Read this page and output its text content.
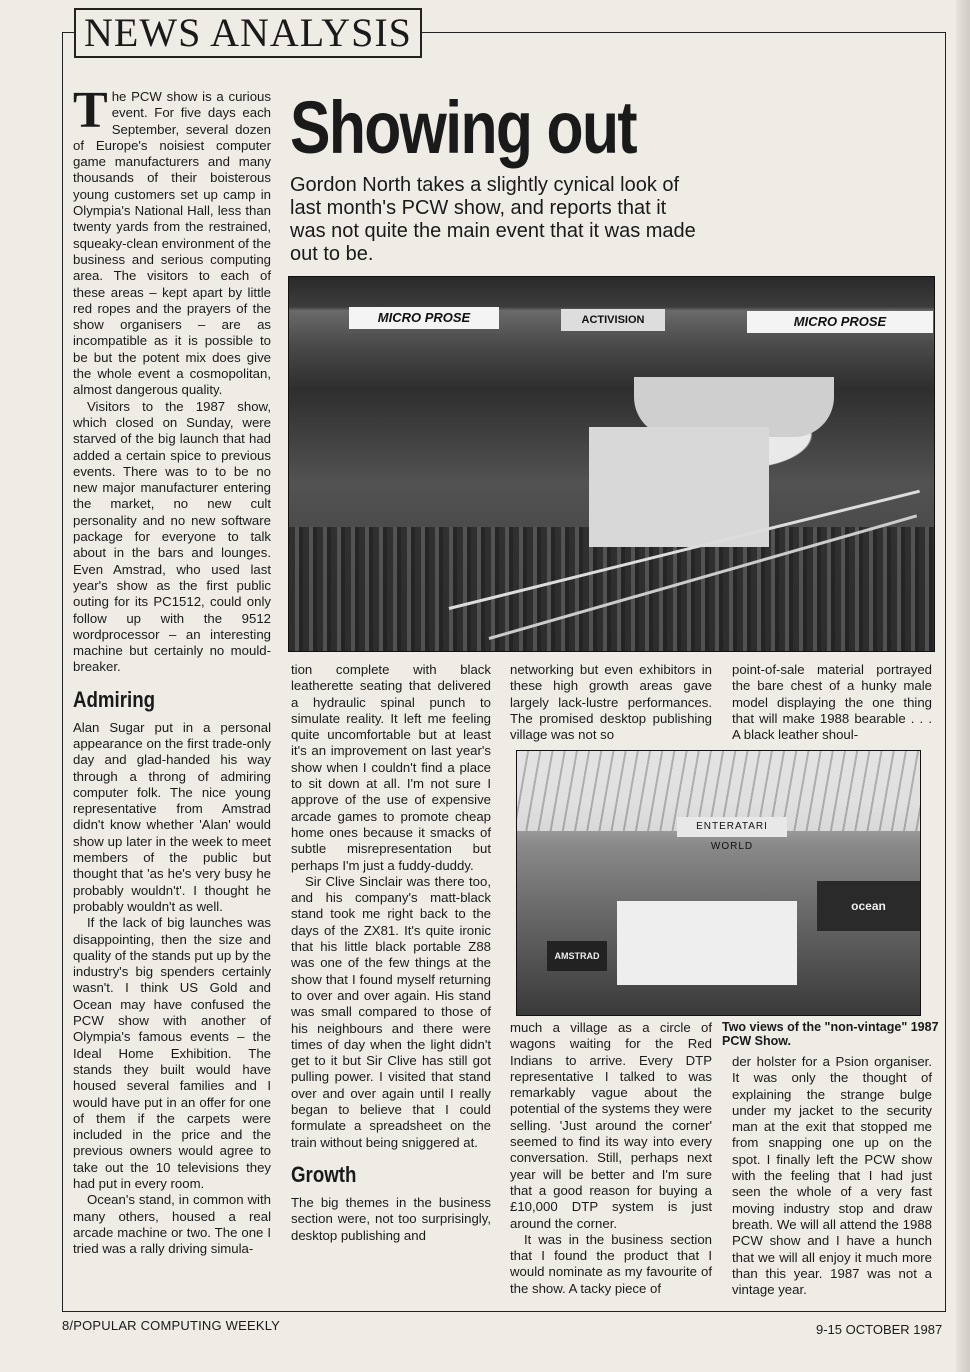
NEWS ANALYSIS
Showing out
Gordon North takes a slightly cynical look of last month's PCW show, and reports that it was not quite the main event that it was made out to be.
T he PCW show is a curious event. For five days each September, several dozen of Europe's noisiest computer game manufacturers and many thousands of their boisterous young customers set up camp in Olympia's National Hall, less than twenty yards from the restrained, squeaky-clean environment of the business and serious computing area. The visitors to each of these areas – kept apart by little red ropes and the prayers of the show organisers – are as incompatible as it is possible to be but the potent mix does give the whole event a cosmopolitan, almost dangerous quality.

Visitors to the 1987 show, which closed on Sunday, were starved of the big launch that had added a certain spice to previous events. There was to to be no new major manufacturer entering the market, no new cult personality and no new software package for everyone to talk about in the bars and lounges. Even Amstrad, who used last year's show as the first public outing for its PC1512, could only follow up with the 9512 wordprocessor – an interesting machine but certainly no mould-breaker.

Admiring

Alan Sugar put in a personal appearance on the first trade-only day and glad-handed his way through a throng of admiring computer folk. The nice young representative from Amstrad didn't know whether 'Alan' would show up later in the week to meet members of the public but thought that 'as he's very busy he probably wouldn't'. I thought he probably wouldn't as well.

If the lack of big launches was disappointing, then the size and quality of the stands put up by the industry's big spenders certainly wasn't. I think US Gold and Ocean may have confused the PCW show with another of Olympia's famous events – the Ideal Home Exhibition. The stands they built would have housed several families and I would have put in an offer for one of them if the carpets were included in the price and the previous owners would agree to take out the 10 televisions they had put in every room.

Ocean's stand, in common with many others, housed a real arcade machine or two. The one I tried was a rally driving simula-

MICRO PROSE	ACTIVISION	MICRO PROSE

tion complete with black leatherette seating that delivered a hydraulic spinal punch to simulate reality. It left me feeling quite uncomfortable but at least it's an improvement on last year's show when I couldn't find a place to sit down at all. I'm not sure I approve of the use of expensive arcade games to promote cheap home ones because it smacks of subtle misrepresentation but perhaps I'm just a fuddy-duddy.

Sir Clive Sinclair was there too, and his company's matt-black stand took me right back to the days of the ZX81. It's quite ironic that his little black portable Z88 was one of the few things at the show that I found myself returning to over and over again. His stand was small compared to those of his neighbours and there were times of day when the light didn't get to it but Sir Clive has still got pulling power. I visited that stand over and over again until I really began to believe that I could formulate a spreadsheet on the train without being sniggered at.

Growth

The big themes in the business section were, not too surprisingly, desktop publishing and

networking but even exhibitors in these high growth areas gave largely lack-lustre performances. The promised desktop publishing village was not so

point-of-sale material portrayed the bare chest of a hunky male model displaying the one thing that will make 1988 bearable . . . A black leather shoul-

ENTERATARI WORLD
ocean
AMSTRAD

much a village as a circle of wagons waiting for the Red Indians to arrive. Every DTP representative I talked to was remarkably vague about the potential of the systems they were selling. 'Just around the corner' seemed to find its way into every conversation. Still, perhaps next year will be better and I'm sure that a good reason for buying a £10,000 DTP system is just around the corner.

It was in the business section that I found the product that I would nominate as my favourite of the show. A tacky piece of

Two views of the "non-vintage" 1987 PCW Show.

der holster for a Psion organiser. It was only the thought of explaining the strange bulge under my jacket to the security man at the exit that stopped me from snapping one up on the spot. I finally left the PCW show with the feeling that I had just seen the whole of a very fast moving industry stop and draw breath. We will all attend the 1988 PCW show and I have a hunch that we will all enjoy it much more than this year. 1987 was not a vintage year.

8/POPULAR COMPUTING WEEKLY	9-15 OCTOBER 1987
